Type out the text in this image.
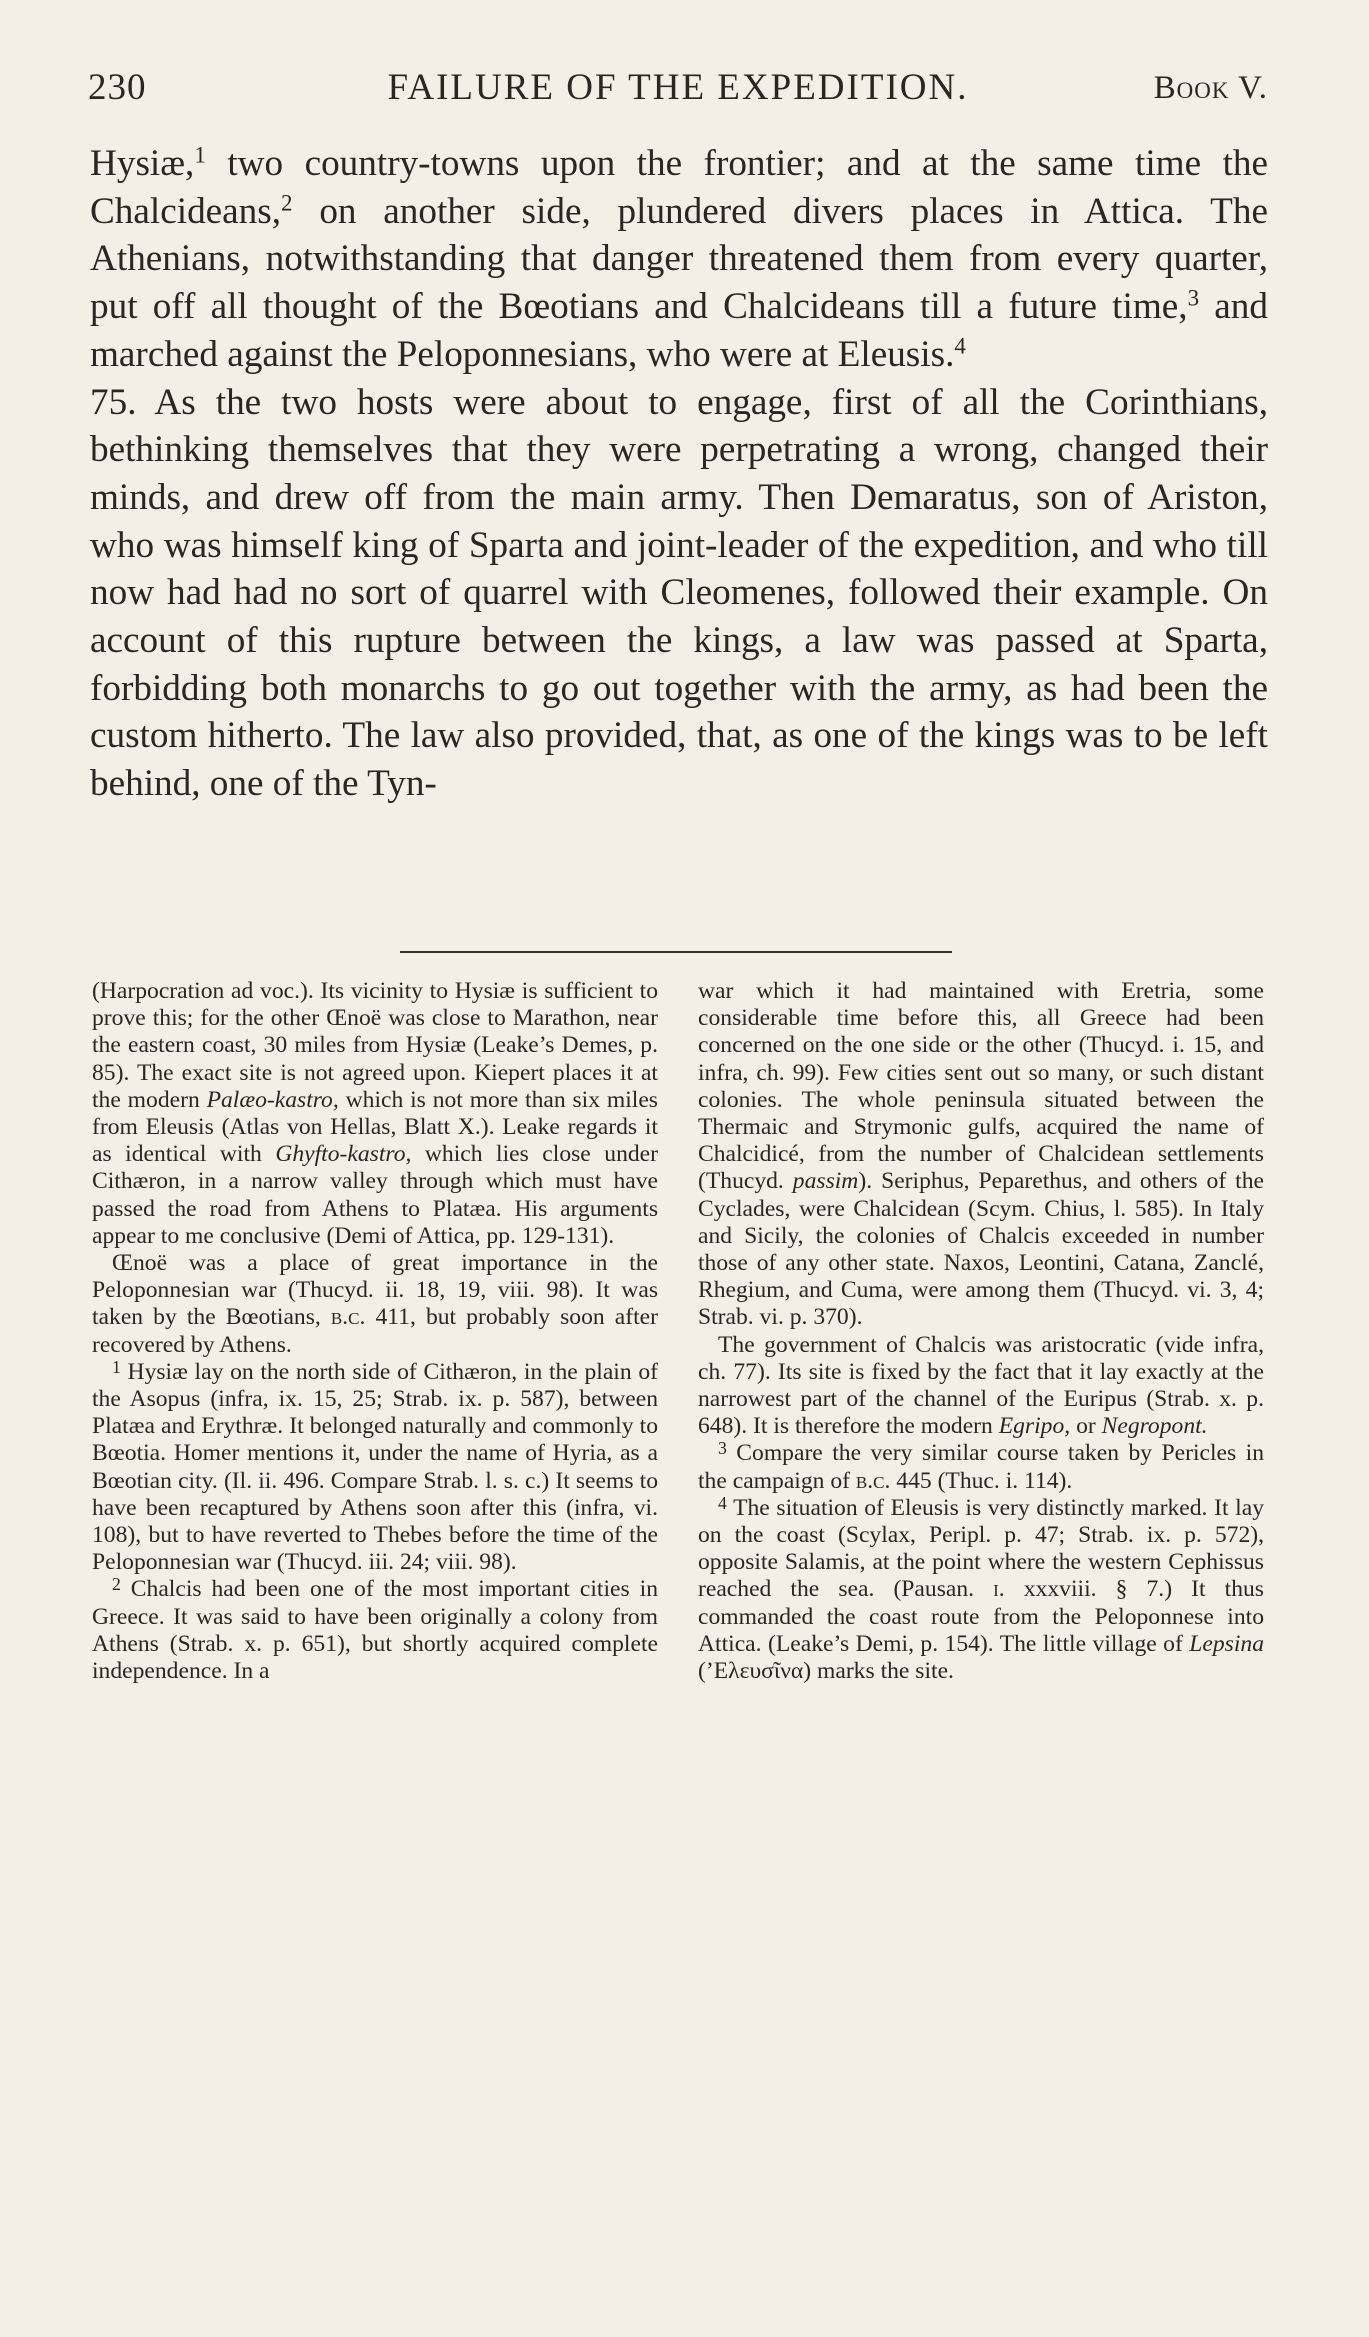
230	FAILURE OF THE EXPEDITION.	Book V.

Hysiæ,$^1$ two country-towns upon the frontier; and at the same time the Chalcideans,$^2$ on another side, plundered divers places in Attica. The Athenians, notwithstanding that danger threatened them from every quarter, put off all thought of the Bœotians and Chalcideans till a future time,$^3$ and marched against the Peloponnesians, who were at Eleusis.$^4$

75. As the two hosts were about to engage, first of all the Corinthians, bethinking themselves that they were perpetrating a wrong, changed their minds, and drew off from the main army. Then Demaratus, son of Ariston, who was himself king of Sparta and joint-leader of the expedition, and who till now had had no sort of quarrel with Cleomenes, followed their example. On account of this rupture between the kings, a law was passed at Sparta, forbidding both monarchs to go out together with the army, as had been the custom hitherto. The law also provided, that, as one of the kings was to be left behind, one of the Tyn-

(Harpocration ad voc.). Its vicinity to Hysiæ is sufficient to prove this; for the other Œnoë was close to Marathon, near the eastern coast, 30 miles from Hysiæ (Leake’s Demes, p. 85). The exact site is not agreed upon. Kiepert places it at the modern Palæo-kastro, which is not more than six miles from Eleusis (Atlas von Hellas, Blatt X.). Leake regards it as identical with Ghyfto-kastro, which lies close under Cithæron, in a narrow valley through which must have passed the road from Athens to Platæa. His arguments appear to me conclusive (Demi of Attica, pp. 129-131).

Œnoë was a place of great importance in the Peloponnesian war (Thucyd. ii. 18, 19, viii. 98). It was taken by the Bœotians, b.c. 411, but probably soon after recovered by Athens.

$^1$ Hysiæ lay on the north side of Cithæron, in the plain of the Asopus (infra, ix. 15, 25; Strab. ix. p. 587), between Platæa and Erythræ. It belonged naturally and commonly to Bœotia. Homer mentions it, under the name of Hyria, as a Bœotian city. (Il. ii. 496. Compare Strab. l. s. c.) It seems to have been recaptured by Athens soon after this (infra, vi. 108), but to have reverted to Thebes before the time of the Peloponnesian war (Thucyd. iii. 24; viii. 98).

$^2$ Chalcis had been one of the most important cities in Greece. It was said to have been originally a colony from Athens (Strab. x. p. 651), but shortly acquired complete independence. In a

war which it had maintained with Eretria, some considerable time before this, all Greece had been concerned on the one side or the other (Thucyd. i. 15, and infra, ch. 99). Few cities sent out so many, or such distant colonies. The whole peninsula situated between the Thermaic and Strymonic gulfs, acquired the name of Chalcidicé, from the number of Chalcidean settlements (Thucyd. passim). Seriphus, Peparethus, and others of the Cyclades, were Chalcidean (Scym. Chius, l. 585). In Italy and Sicily, the colonies of Chalcis exceeded in number those of any other state. Naxos, Leontini, Catana, Zanclé, Rhegium, and Cuma, were among them (Thucyd. vi. 3, 4; Strab. vi. p. 370).

The government of Chalcis was aristocratic (vide infra, ch. 77). Its site is fixed by the fact that it lay exactly at the narrowest part of the channel of the Euripus (Strab. x. p. 648). It is therefore the modern Egripo, or Negropont.

$^3$ Compare the very similar course taken by Pericles in the campaign of b.c. 445 (Thuc. i. 114).

$^4$ The situation of Eleusis is very distinctly marked. It lay on the coast (Scylax, Peripl. p. 47; Strab. ix. p. 572), opposite Salamis, at the point where the western Cephissus reached the sea. (Pausan. i. xxxviii. § 7.) It thus commanded the coast route from the Peloponnese into Attica. (Leake’s Demi, p. 154). The little village of Lepsina (’Ελευσῖνα) marks the site.
